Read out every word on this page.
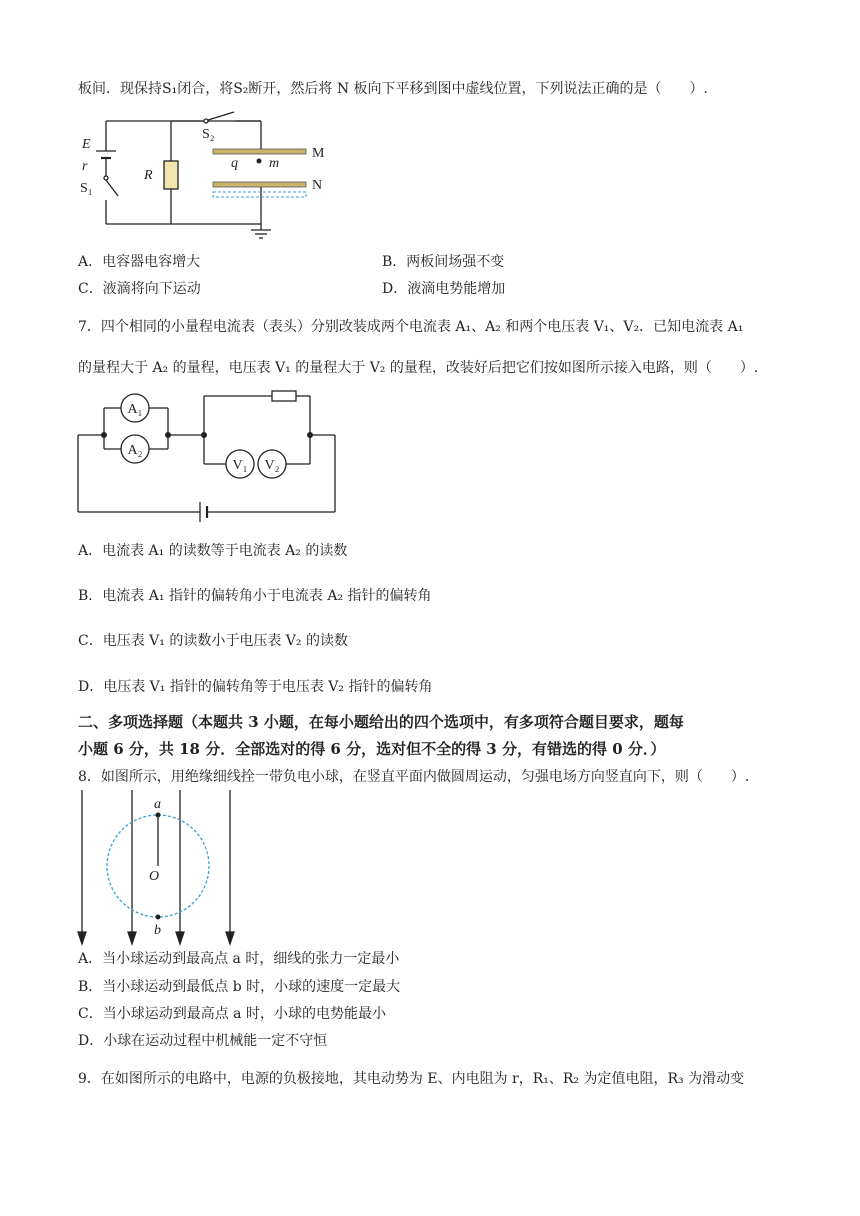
板间．现保持S₁闭合，将S₂断开，然后将 N 板向下平移到图中虚线位置，下列说法正确的是（　　）.
E
r
R
q m
S₁
S₂
M
N
A．电容器电容增大	B．两板间场强不变
C．液滴将向下运动	D．液滴电势能增加
7．四个相同的小量程电流表（表头）分别改装成两个电流表 A₁、A₂ 和两个电压表 V₁、V₂．已知电流表 A₁
的量程大于 A₂ 的量程，电压表 V₁ 的量程大于 V₂ 的量程，改装好后把它们按如图所示接入电路，则（　　）.
A₁
A₂
V₁ V₂
A．电流表 A₁ 的读数等于电流表 A₂ 的读数
B．电流表 A₁ 指针的偏转角小于电流表 A₂ 指针的偏转角
C．电压表 V₁ 的读数小于电压表 V₂ 的读数
D．电压表 V₁ 指针的偏转角等于电压表 V₂ 指针的偏转角
二、多项选择题（本题共 3 小题，在每小题给出的四个选项中，有多项符合题目要求，题每
小题 6 分，共 18 分．全部选对的得 6 分，选对但不全的得 3 分，有错选的得 0 分．）
8．如图所示，用绝缘细线拴一带负电小球，在竖直平面内做圆周运动，匀强电场方向竖直向下，则（　　）.
a
O
b
A．当小球运动到最高点 a 时，细线的张力一定最小
B．当小球运动到最低点 b 时，小球的速度一定最大
C．当小球运动到最高点 a 时，小球的电势能最小
D．小球在运动过程中机械能一定不守恒
9．在如图所示的电路中，电源的负极接地，其电动势为 E、内电阻为 r，R₁、R₂ 为定值电阻，R₃ 为滑动变
